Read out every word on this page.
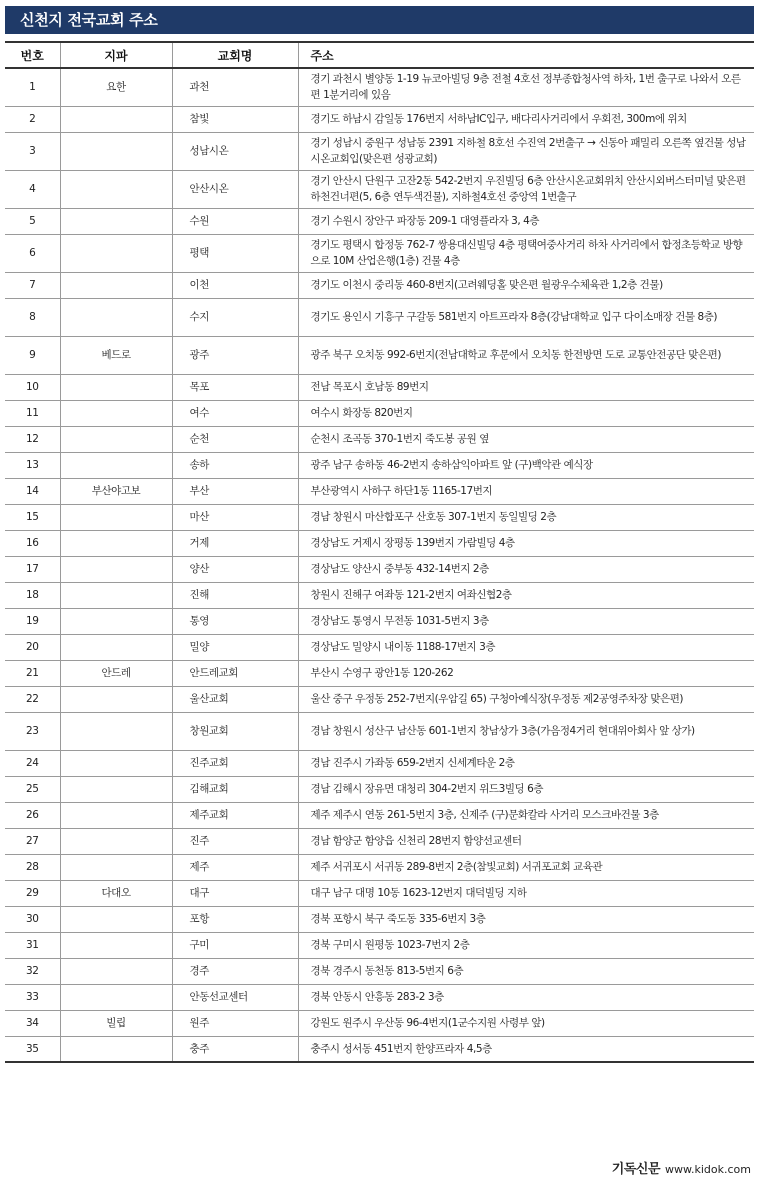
신천지 전국교회 주소
번호	지파	교회명	주소
1	요한	과천	경기 과천시 별양동 1-19 뉴코아빌딩 9층 전철 4호선 정부종합청사역 하차, 1번 출구로 나와서 오른편 1분거리에 있음
2		참빛	경기도 하남시 감일동 176번지 서하남IC입구, 배다리사거리에서 우회전, 300m에 위치
3		성남시온	경기 성남시 중원구 성남동 2391 지하철 8호선 수진역 2번출구 → 신동아 패밀리 오른쪽 옆건물 성남시온교회입(맞은편 성광교회)
4		안산시온	경기 안산시 단원구 고잔2동 542-2번지 우진빌딩 6층 안산시온교회위치 안산시외버스터미널 맞은편 하천건너편(5, 6층 연두색건물), 지하철4호선 중앙역 1번출구
5		수원	경기 수원시 장안구 파장동 209-1 대영플라자 3, 4층
6		평택	경기도 평택시 합정동 762-7 쌍용대신빌딩 4층 평택여중사거리 하차 사거리에서 합정초등학교 방향으로 10M 산업은행(1층) 건물 4층
7		이천	경기도 이천시 중리동 460-8번지(고려웨딩홀 맞은편 월광우수체육관 1,2층 건물)
8		수지	경기도 용인시 기흥구 구갈동 581번지 아트프라자 8층(강남대학교 입구 다이소매장 건물 8층)
9	베드로	광주	광주 북구 오치동 992-6번지(전남대학교 후문에서 오치동 한전방면 도로 교통안전공단 맞은편)
10		목포	전남 목포시 호남동 89번지
11		여수	여수시 화장동 820번지
12		순천	순천시 조곡동 370-1번지 죽도봉 공원 옆
13		송하	광주 남구 송하동 46-2번지 송하삼익아파트 앞 (구)백악관 예식장
14	부산야고보	부산	부산광역시 사하구 하단1동 1165-17번지
15		마산	경남 창원시 마산합포구 산호동 307-1번지 동일빌딩 2층
16		거제	경상남도 거제시 장평동 139번지 가람빌딩 4층
17		양산	경상남도 양산시 중부동 432-14번지 2층
18		진해	창원시 진해구 여좌동 121-2번지 여좌신협2층
19		통영	경상남도 통영시 무전동 1031-5번지 3층
20		밀양	경상남도 밀양시 내이동 1188-17번지 3층
21	안드레	안드레교회	부산시 수영구 광안1동 120-262
22		울산교회	울산 중구 우정동 252-7번지(우암길 65) 구청아예식장(우정동 제2공영주차장 맞은편)
23		창원교회	경남 창원시 성산구 남산동 601-1번지 창남상가 3층(가음정4거리 현대위아회사 앞 상가)
24		진주교회	경남 진주시 가좌동 659-2번지 신세계타운 2층
25		김해교회	경남 김해시 장유면 대청리 304-2번지 위드3빌딩 6층
26		제주교회	제주 제주시 연동 261-5번지 3층, 신제주 (구)문화칼라 사거리 모스크바건물 3층
27		진주	경남 함양군 함양읍 신천리 28번지 함양선교센터
28		제주	제주 서귀포시 서귀동 289-8번지 2층(참빛교회) 서귀포교회 교육관
29	다대오	대구	대구 남구 대명 10동 1623-12번지 대덕빌딩 지하
30		포항	경북 포항시 북구 죽도동 335-6번지 3층
31		구미	경북 구미시 원평동 1023-7번지 2층
32		경주	경북 경주시 동천동 813-5번지 6층
33		안동선교센터	경북 안동시 안흥동 283-2 3층
34	빌립	원주	강원도 원주시 우산동 96-4번지(1군수지원 사령부 앞)
35		충주	충주시 성서동 451번지 한양프라자 4,5층
기독신문 www.kidok.com
